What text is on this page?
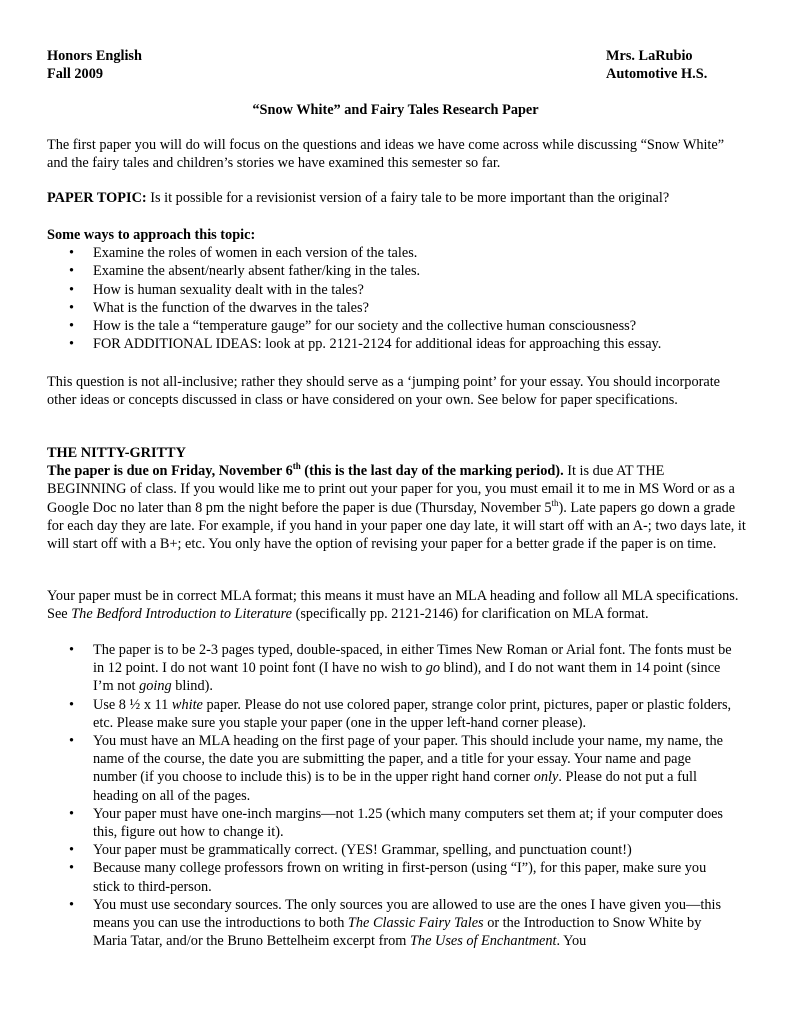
Honors English
Fall 2009
Mrs. LaRubio
Automotive H.S.
“Snow White” and Fairy Tales Research Paper

The first paper you will do will focus on the questions and ideas we have come across while discussing “Snow White” and the fairy tales and children’s stories we have examined this semester so far.

PAPER TOPIC: Is it possible for a revisionist version of a fairy tale to be more important than the original?

Some ways to approach this topic:

• Examine the roles of women in each version of the tales.
• Examine the absent/nearly absent father/king in the tales.
• How is human sexuality dealt with in the tales?
• What is the function of the dwarves in the tales?
• How is the tale a “temperature gauge” for our society and the collective human consciousness?
• FOR ADDITIONAL IDEAS: look at pp. 2121-2124 for additional ideas for approaching this essay.

This question is not all-inclusive; rather they should serve as a ‘jumping point’ for your essay. You should incorporate other ideas or concepts discussed in class or have considered on your own. See below for paper specifications.

THE NITTY-GRITTY

The paper is due on Friday, November 6th (this is the last day of the marking period). It is due AT THE BEGINNING of class. If you would like me to print out your paper for you, you must email it to me in MS Word or as a Google Doc no later than 8 pm the night before the paper is due (Thursday, November 5th). Late papers go down a grade for each day they are late. For example, if you hand in your paper one day late, it will start off with an A-; two days late, it will start off with a B+; etc. You only have the option of revising your paper for a better grade if the paper is on time.

Your paper must be in correct MLA format; this means it must have an MLA heading and follow all MLA specifications. See The Bedford Introduction to Literature (specifically pp. 2121-2146) for clarification on MLA format.

• The paper is to be 2-3 pages typed, double-spaced, in either Times New Roman or Arial font. The fonts must be in 12 point. I do not want 10 point font (I have no wish to go blind), and I do not want them in 14 point (since I’m not going blind).
• Use 8 ½ x 11 white paper. Please do not use colored paper, strange color print, pictures, paper or plastic folders, etc. Please make sure you staple your paper (one in the upper left-hand corner please).
• You must have an MLA heading on the first page of your paper. This should include your name, my name, the name of the course, the date you are submitting the paper, and a title for your essay. Your name and page number (if you choose to include this) is to be in the upper right hand corner only. Please do not put a full heading on all of the pages.
• Your paper must have one-inch margins—not 1.25 (which many computers set them at; if your computer does this, figure out how to change it).
• Your paper must be grammatically correct. (YES! Grammar, spelling, and punctuation count!)
• Because many college professors frown on writing in first-person (using “I”), for this paper, make sure you stick to third-person.
• You must use secondary sources. The only sources you are allowed to use are the ones I have given you—this means you can use the introductions to both The Classic Fairy Tales or the Introduction to Snow White by Maria Tatar, and/or the Bruno Bettelheim excerpt from The Uses of Enchantment. You
